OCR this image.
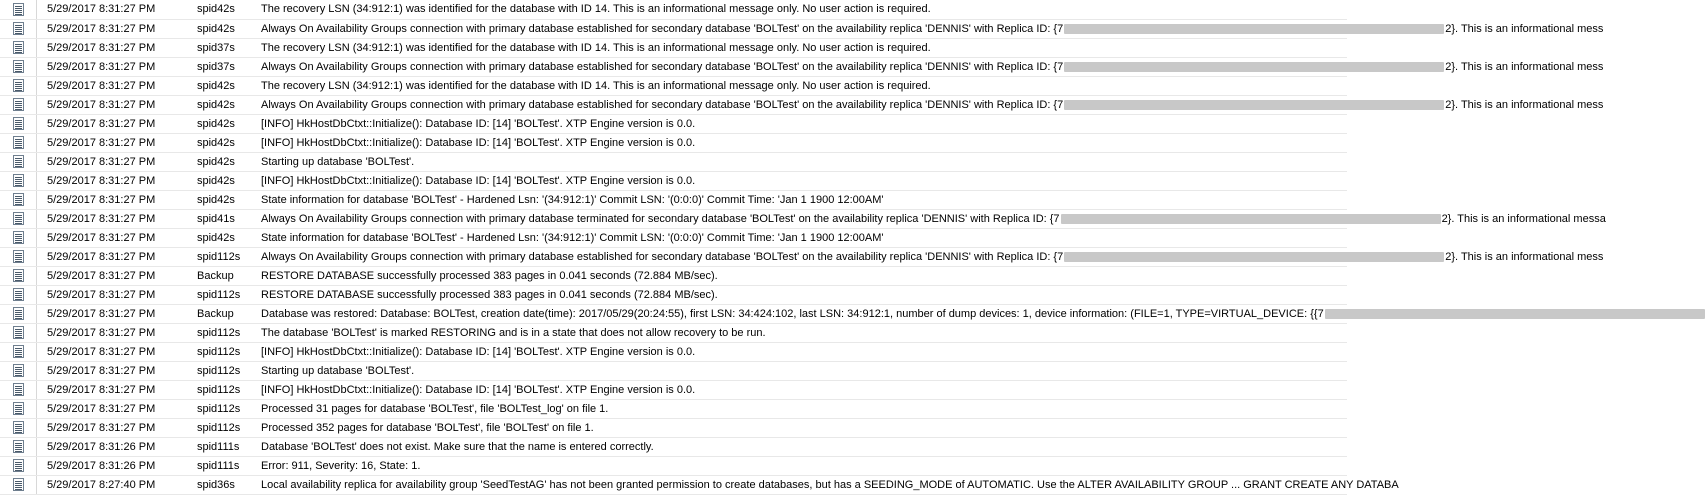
	5/29/2017 8:31:27 PM	spid42s	The recovery LSN (34:912:1) was identified for the database with ID 14. This is an informational message only. No user action is required.
	5/29/2017 8:31:27 PM	spid42s	Always On Availability Groups connection with primary database established for secondary database 'BOLTest' on the availability replica 'DENNIS' with Replica ID: {7 2}. This is an informational mess
	5/29/2017 8:31:27 PM	spid37s	The recovery LSN (34:912:1) was identified for the database with ID 14. This is an informational message only. No user action is required.
	5/29/2017 8:31:27 PM	spid37s	Always On Availability Groups connection with primary database established for secondary database 'BOLTest' on the availability replica 'DENNIS' with Replica ID: {7 2}. This is an informational mess
	5/29/2017 8:31:27 PM	spid42s	The recovery LSN (34:912:1) was identified for the database with ID 14. This is an informational message only. No user action is required.
	5/29/2017 8:31:27 PM	spid42s	Always On Availability Groups connection with primary database established for secondary database 'BOLTest' on the availability replica 'DENNIS' with Replica ID: {7 2}. This is an informational mess
	5/29/2017 8:31:27 PM	spid42s	[INFO] HkHostDbCtxt::Initialize(): Database ID: [14] 'BOLTest'. XTP Engine version is 0.0.
	5/29/2017 8:31:27 PM	spid42s	[INFO] HkHostDbCtxt::Initialize(): Database ID: [14] 'BOLTest'. XTP Engine version is 0.0.
	5/29/2017 8:31:27 PM	spid42s	Starting up database 'BOLTest'.
	5/29/2017 8:31:27 PM	spid42s	[INFO] HkHostDbCtxt::Initialize(): Database ID: [14] 'BOLTest'. XTP Engine version is 0.0.
	5/29/2017 8:31:27 PM	spid42s	State information for database 'BOLTest' - Hardened Lsn: '(34:912:1)' Commit LSN: '(0:0:0)' Commit Time: 'Jan 1 1900 12:00AM'
	5/29/2017 8:31:27 PM	spid41s	Always On Availability Groups connection with primary database terminated for secondary database 'BOLTest' on the availability replica 'DENNIS' with Replica ID: {7 2}. This is an informational messa
	5/29/2017 8:31:27 PM	spid42s	State information for database 'BOLTest' - Hardened Lsn: '(34:912:1)' Commit LSN: '(0:0:0)' Commit Time: 'Jan 1 1900 12:00AM'
	5/29/2017 8:31:27 PM	spid112s	Always On Availability Groups connection with primary database established for secondary database 'BOLTest' on the availability replica 'DENNIS' with Replica ID: {7 2}. This is an informational mess
	5/29/2017 8:31:27 PM	Backup	RESTORE DATABASE successfully processed 383 pages in 0.041 seconds (72.884 MB/sec).
	5/29/2017 8:31:27 PM	spid112s	RESTORE DATABASE successfully processed 383 pages in 0.041 seconds (72.884 MB/sec).
	5/29/2017 8:31:27 PM	Backup	Database was restored: Database: BOLTest, creation date(time): 2017/05/29(20:24:55), first LSN: 34:424:102, last LSN: 34:912:1, number of dump devices: 1, device information: (FILE=1, TYPE=VIRTUAL_DEVICE: {{7
	5/29/2017 8:31:27 PM	spid112s	The database 'BOLTest' is marked RESTORING and is in a state that does not allow recovery to be run.
	5/29/2017 8:31:27 PM	spid112s	[INFO] HkHostDbCtxt::Initialize(): Database ID: [14] 'BOLTest'. XTP Engine version is 0.0.
	5/29/2017 8:31:27 PM	spid112s	Starting up database 'BOLTest'.
	5/29/2017 8:31:27 PM	spid112s	[INFO] HkHostDbCtxt::Initialize(): Database ID: [14] 'BOLTest'. XTP Engine version is 0.0.
	5/29/2017 8:31:27 PM	spid112s	Processed 31 pages for database 'BOLTest', file 'BOLTest_log' on file 1.
	5/29/2017 8:31:27 PM	spid112s	Processed 352 pages for database 'BOLTest', file 'BOLTest' on file 1.
	5/29/2017 8:31:26 PM	spid111s	Database 'BOLTest' does not exist. Make sure that the name is entered correctly.
	5/29/2017 8:31:26 PM	spid111s	Error: 911, Severity: 16, State: 1.
	5/29/2017 8:27:40 PM	spid36s	Local availability replica for availability group 'SeedTestAG' has not been granted permission to create databases, but has a SEEDING_MODE of AUTOMATIC. Use the ALTER AVAILABILITY GROUP ... GRANT CREATE ANY DATABA
